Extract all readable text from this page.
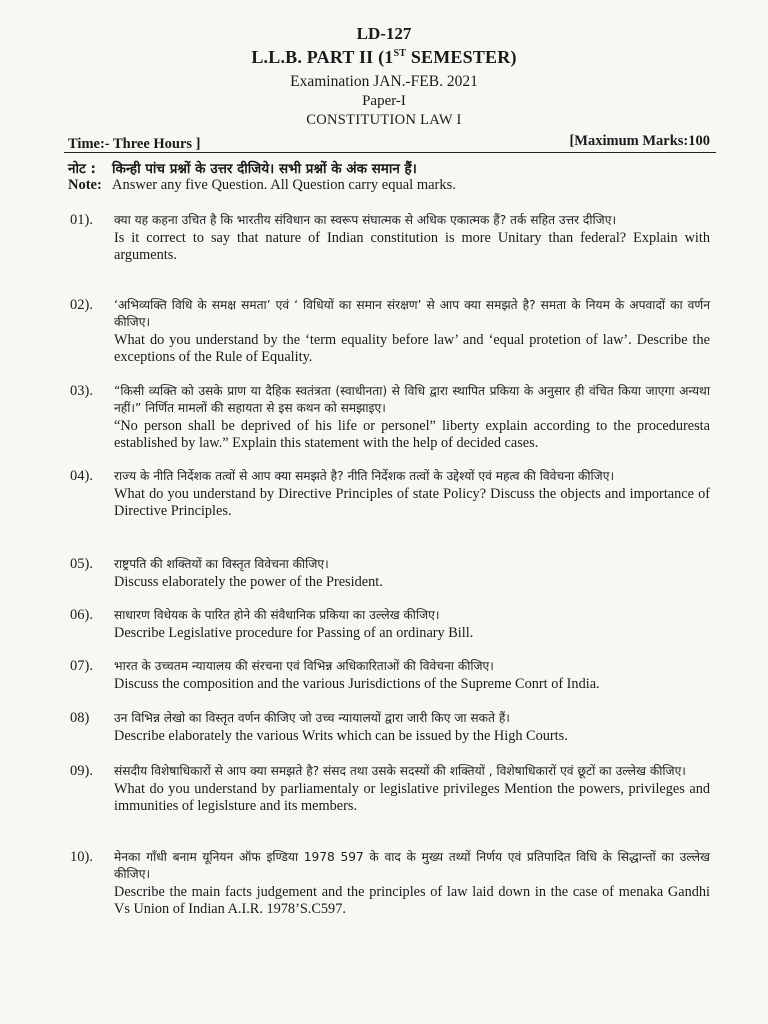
LD-127
L.L.B. PART II (1ST SEMESTER)
Examination JAN.-FEB. 2021
Paper-I
CONSTITUTION LAW I
Time:- Three Hours ]	[Maximum Marks:100
नोट : किन्ही पांच प्रश्नों के उत्तर दीजिये। सभी प्रश्नों के अंक समान हैं।
Note: Answer any five Question. All Question carry equal marks.
01).	क्या यह कहना उचित है कि भारतीय संविधान का स्वरूप संघात्मक से अधिक एकात्मक हैं? तर्क सहित उत्तर दीजिए।
Is it correct to say that nature of Indian constitution is more Unitary than federal? Explain with arguments.
02).	‘अभिव्यक्ति विधि के समक्ष समता’ एवं ‘ विधियों का समान संरक्षण’ से आप क्या समझते है? समता के नियम के अपवादों का वर्णन कीजिए।
What do you understand by the ‘term equality before law’ and ‘equal protetion of law’. Describe the exceptions of the Rule of Equality.
03).	“किसी व्यक्ति को उसके प्राण या दैहिक स्वतंत्रता (स्वाधीनता) से विधि द्वारा स्थापित प्रकिया के अनुसार ही वंचित किया जाएगा अन्यथा नहीं।” निर्णित मामलों की सहायता से इस कथन को समझाइए।
“No person shall be deprived of his life or personel” liberty explain according to the proceduresta established by law.” Explain this statement with the help of decided cases.
04).	राज्य के नीति निर्देशक तत्वों से आप क्या समझते है? नीति निर्देशक तत्वों के उद्देश्यों एवं महत्व की विवेचना कीजिए।
What do you understand by Directive Principles of state Policy? Discuss the objects and importance of Directive Principles.
05).	राष्ट्रपति की शक्तियों का विस्तृत विवेचना कीजिए।
Discuss elaborately the power of the President.
06).	साधारण विधेयक के पारित होने की संवैधानिक प्रकिया का उल्लेख कीजिए।
Describe Legislative procedure for Passing of an ordinary Bill.
07).	भारत के उच्चतम न्यायालय की संरचना एवं विभिन्न अधिकारिताओं की विवेचना कीजिए।
Discuss the composition and the various Jurisdictions of the Supreme Conrt of India.
08)	उन विभिन्न लेखो का विस्तृत वर्णन कीजिए जो उच्च न्यायालयों द्वारा जारी किए जा सकते हैं।
Describe elaborately the various Writs which can be issued by the High Courts.
09).	संसदीय विशेषाधिकारों से आप क्या समझते है? संसद तथा उसके सदस्यों की शक्तियों , विशेषाधिकारों एवं छूटों का उल्लेख कीजिए।
What do you understand by parliamentaly or legislative privileges Mention the powers, privileges and immunities of legislsture and its members.
10).	मेनका गाँधी बनाम यूनियन ऑफ इण्डिया 1978 597 के वाद के मुख्य तथ्यों निर्णय एवं प्रतिपादित विधि के सिद्धान्तों का उल्लेख कीजिए।
Describe the main facts judgement and the principles of law laid down in the case of menaka Gandhi Vs Union of Indian A.I.R. 1978’S.C597.
